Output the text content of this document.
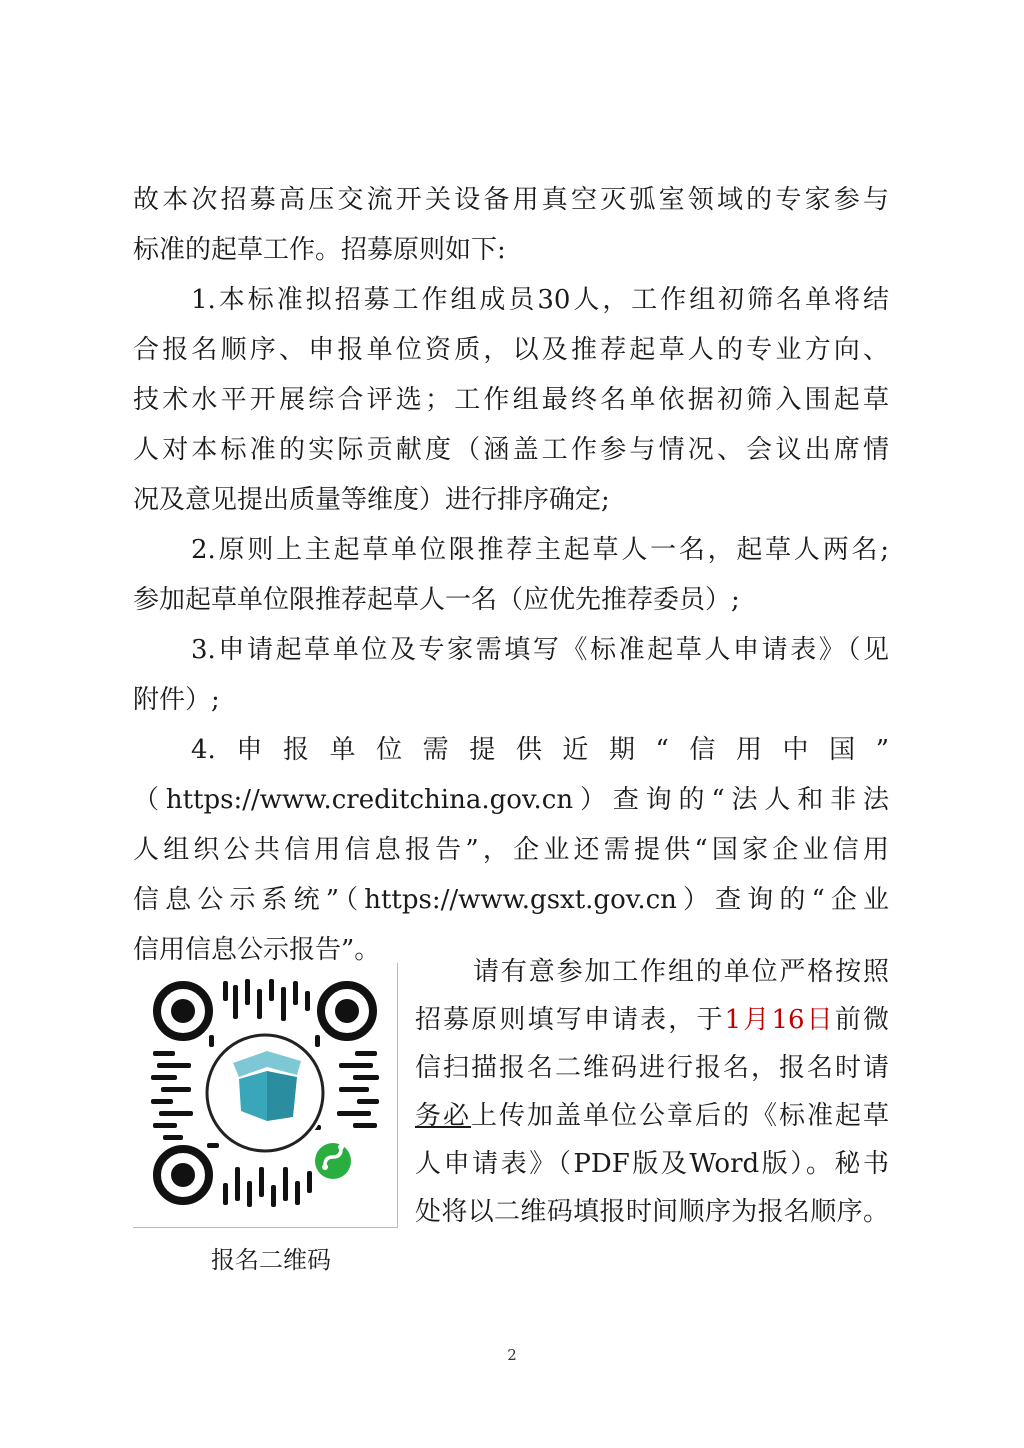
故本次招募高压交流开关设备用真空灭弧室领域的专家参与
标准的起草工作。招募原则如下:
1.本标准拟招募工作组成员30人，工作组初筛名单将结
合报名顺序、申报单位资质，以及推荐起草人的专业方向、
技术水平开展综合评选；工作组最终名单依据初筛入围起草
人对本标准的实际贡献度（涵盖工作参与情况、会议出席情
况及意见提出质量等维度）进行排序确定;
2.原则上主起草单位限推荐主起草人一名，起草人两名;
参加起草单位限推荐起草人一名（应优先推荐委员）;
3.申请起草单位及专家需填写《标准起草人申请表》（见
附件）;
4.申报单位需提供近期“信用中国”
（https://www.creditchina.gov.cn）查询的“法人和非法
人组织公共信用信息报告”，企业还需提供“国家企业信用
信息公示系统”（https://www.gsxt.gov.cn）查询的“企业
信用信息公示报告”。
报名二维码
请有意参加工作组的单位严格按照
招募原则填写申请表，于1月16日前微
信扫描报名二维码进行报名，报名时请
务必上传加盖单位公章后的《标准起草
人申请表》（PDF版及Word版）。秘书
处将以二维码填报时间顺序为报名顺序。
2
